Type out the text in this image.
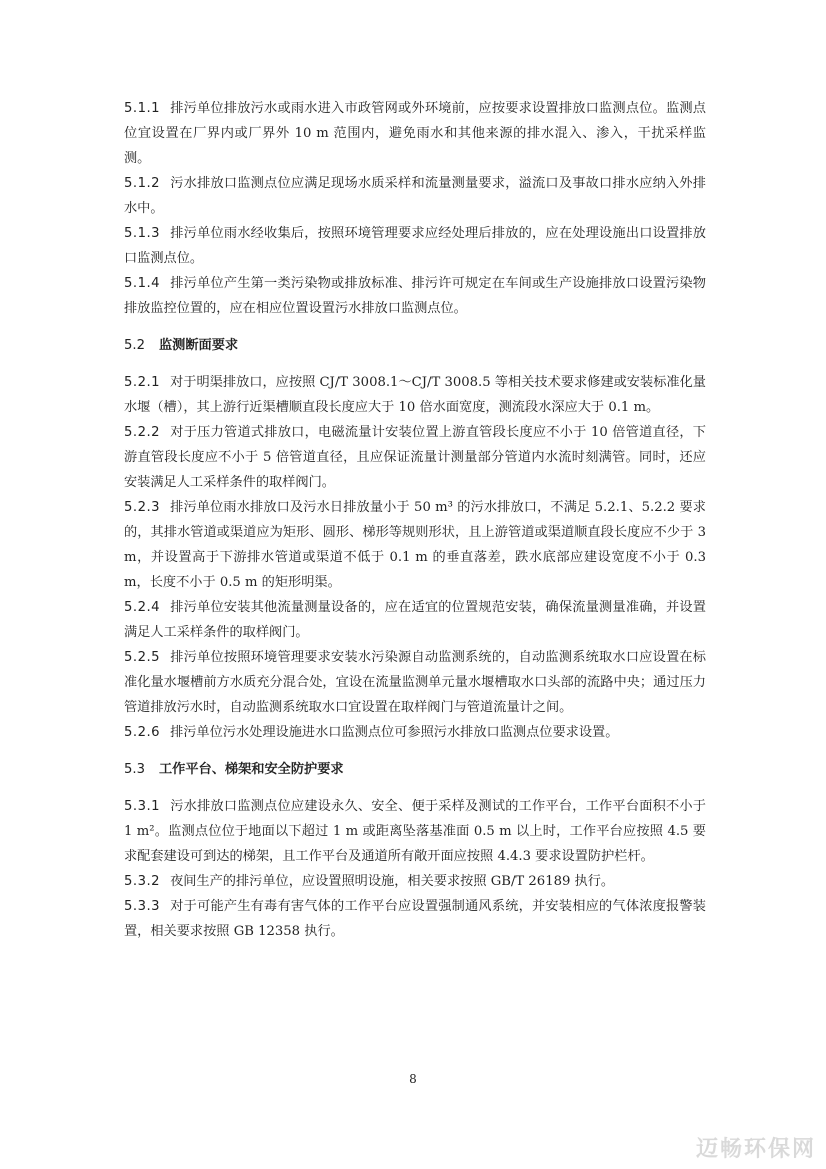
5.1.1 排污单位排放污水或雨水进入市政管网或外环境前，应按要求设置排放口监测点位。监测点位宜设置在厂界内或厂界外 10 m 范围内，避免雨水和其他来源的排水混入、渗入，干扰采样监测。

5.1.2 污水排放口监测点位应满足现场水质采样和流量测量要求，溢流口及事故口排水应纳入外排水中。

5.1.3 排污单位雨水经收集后，按照环境管理要求应经处理后排放的，应在处理设施出口设置排放口监测点位。

5.1.4 排污单位产生第一类污染物或排放标准、排污许可规定在车间或生产设施排放口设置污染物排放监控位置的，应在相应位置设置污水排放口监测点位。

5.2 监测断面要求

5.2.1 对于明渠排放口，应按照 CJ/T 3008.1～CJ/T 3008.5 等相关技术要求修建或安装标准化量水堰（槽），其上游行近渠槽顺直段长度应大于 10 倍水面宽度，测流段水深应大于 0.1 m。

5.2.2 对于压力管道式排放口，电磁流量计安装位置上游直管段长度应不小于 10 倍管道直径，下游直管段长度应不小于 5 倍管道直径，且应保证流量计测量部分管道内水流时刻满管。同时，还应安装满足人工采样条件的取样阀门。

5.2.3 排污单位雨水排放口及污水日排放量小于 50 m³ 的污水排放口，不满足 5.2.1、5.2.2 要求的，其排水管道或渠道应为矩形、圆形、梯形等规则形状，且上游管道或渠道顺直段长度应不少于 3 m，并设置高于下游排水管道或渠道不低于 0.1 m 的垂直落差，跌水底部应建设宽度不小于 0.3 m，长度不小于 0.5 m 的矩形明渠。

5.2.4 排污单位安装其他流量测量设备的，应在适宜的位置规范安装，确保流量测量准确，并设置满足人工采样条件的取样阀门。

5.2.5 排污单位按照环境管理要求安装水污染源自动监测系统的，自动监测系统取水口应设置在标准化量水堰槽前方水质充分混合处，宜设在流量监测单元量水堰槽取水口头部的流路中央；通过压力管道排放污水时，自动监测系统取水口宜设置在取样阀门与管道流量计之间。

5.2.6 排污单位污水处理设施进水口监测点位可参照污水排放口监测点位要求设置。

5.3 工作平台、梯架和安全防护要求

5.3.1 污水排放口监测点位应建设永久、安全、便于采样及测试的工作平台，工作平台面积不小于 1 m²。监测点位位于地面以下超过 1 m 或距离坠落基准面 0.5 m 以上时，工作平台应按照 4.5 要求配套建设可到达的梯架，且工作平台及通道所有敞开面应按照 4.4.3 要求设置防护栏杆。

5.3.2 夜间生产的排污单位，应设置照明设施，相关要求按照 GB/T 26189 执行。

5.3.3 对于可能产生有毒有害气体的工作平台应设置强制通风系统，并安装相应的气体浓度报警装置，相关要求按照 GB 12358 执行。

8
迈畅环保网
